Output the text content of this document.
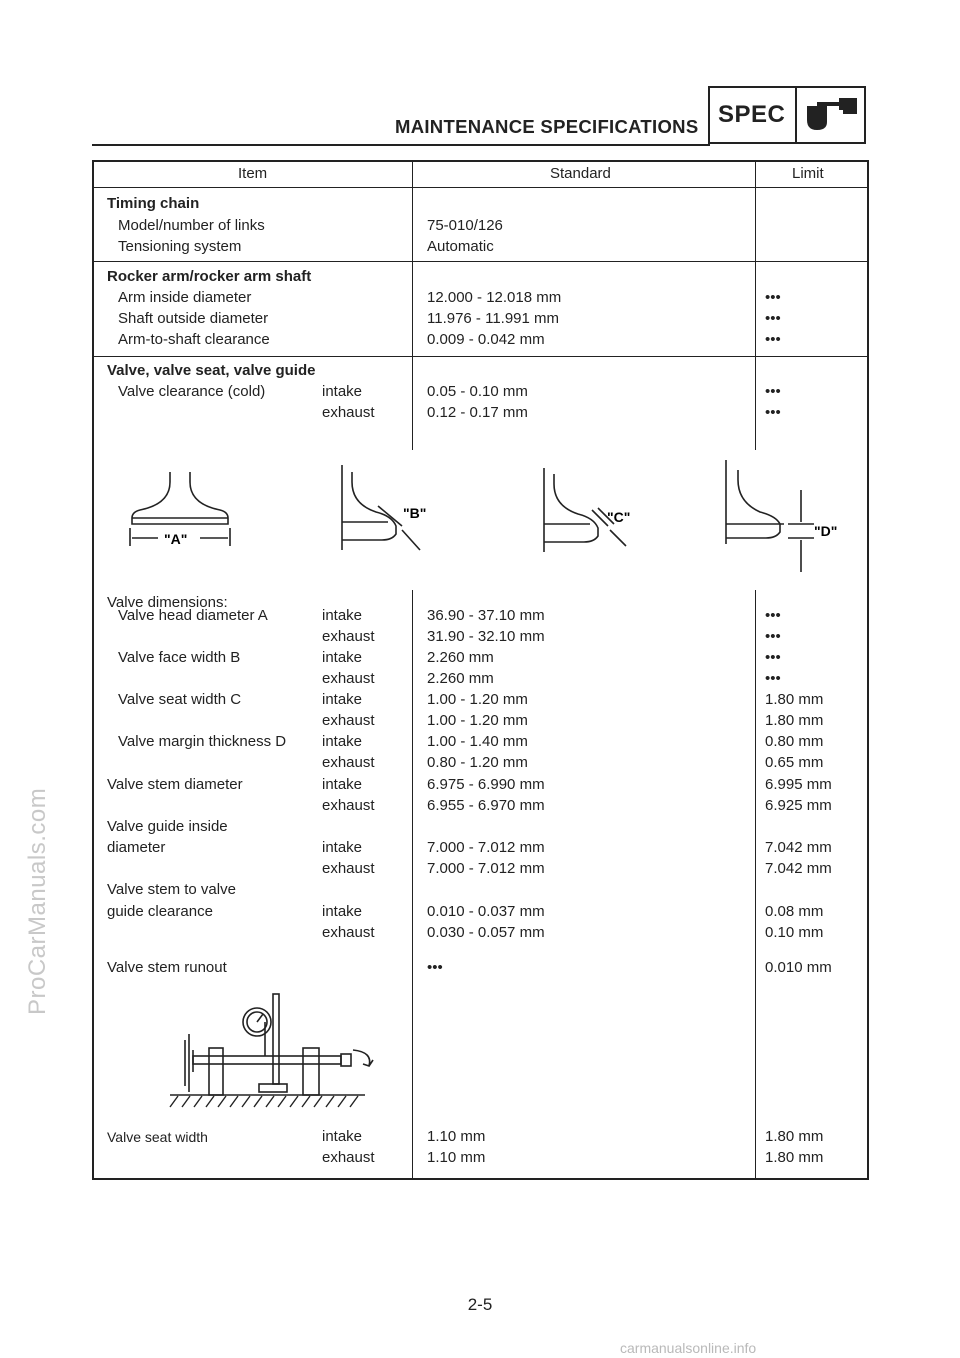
ProCarManuals.com
MAINTENANCE SPECIFICATIONS SPEC
Item	Standard	Limit
Timing chain
Model/number of links	75-010/126
Tensioning system	Automatic
Rocker arm/rocker arm shaft
Arm inside diameter	12.000 - 12.018 mm	•••
Shaft outside diameter	11.976 - 11.991 mm	•••
Arm-to-shaft clearance	0.009 - 0.042 mm	•••
Valve, valve seat, valve guide
Valve clearance (cold)	intake	0.05 - 0.10 mm	•••
exhaust	0.12 - 0.17 mm	•••
"A"
"B"	"C"
"D"
Valve dimensions:
Valve head diameter A	intake	36.90 - 37.10 mm	•••
exhaust	31.90 - 32.10 mm	•••
Valve face width B	intake	2.260 mm	•••
exhaust	2.260 mm	•••
Valve seat width C	intake	1.00 - 1.20 mm	1.80 mm
exhaust	1.00 - 1.20 mm	1.80 mm
Valve margin thickness D intake	1.00 - 1.40 mm	0.80 mm
exhaust	0.80 - 1.20 mm	0.65 mm
Valve stem diameter	intake	6.975 - 6.990 mm	6.995 mm
exhaust	6.955 - 6.970 mm	6.925 mm
Valve guide inside
diameter	intake	7.000 - 7.012 mm	7.042 mm
exhaust	7.000 - 7.012 mm	7.042 mm
Valve stem to valve
guide clearance	intake	0.010 - 0.037 mm	0.08 mm
exhaust	0.030 - 0.057 mm	0.10 mm
Valve stem runout	•••	0.010 mm
Valve seat width	intake	1.10 mm	1.80 mm
exhaust	1.10 mm	1.80 mm
2-5
carmanualsonline.info
